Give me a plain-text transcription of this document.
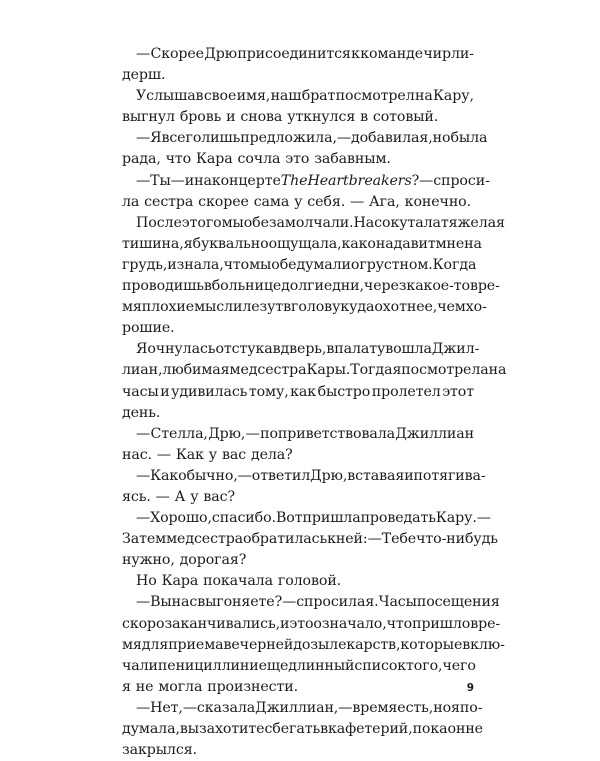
— Скорее Дрю присоединится к команде чирли-
дерш.
Услышав свое имя, наш брат посмотрел на Кару,
выгнул бровь и снова уткнулся в сотовый.
— Я всего лишь предложила, — добавила я, но была
рада, что Кара сочла это забавным.
— Ты — и на концерте The Heartbreakers? — спроси-
ла сестра скорее сама у себя. — Ага, конечно.
После этого мы обе замолчали. Нас окутала тяжелая
тишина, я буквально ощущала, как она давит мне на
грудь, и знала, что мы обе думали о грустном. Когда
проводишь в больнице долгие дни, через какое-то вре-
мя плохие мысли лезут в голову куда охотнее, чем хо-
рошие.
Я очнулась от стука в дверь, в палату вошла Джил-
лиан, любимая медсестра Кары. Тогда я посмотрела на
часы и удивилась тому, как быстро пролетел этот
день.
— Стелла, Дрю, — поприветствовала Джиллиан
нас. — Как у вас дела?
— Как обычно, — ответил Дрю, вставая и потягива-
ясь. — А у вас?
— Хорошо, спасибо. Вот пришла проведать Кару. —
Затем медсестра обратилась к ней: — Тебе что-нибудь
нужно, дорогая?
Но Кара покачала головой.
— Вы нас выгоняете? — спросила я. Часы посещения
скоро заканчивались, и это означало, что пришло вре-
мя для приема вечерней дозы лекарств, которые вклю-
чали пенициллин и еще длинный список того, чего
я не могла произнести.
— Нет, — сказала Джиллиан, — время есть, но я по-
думала, вы захотите сбегать в кафетерий, пока он не
закрылся.
9
